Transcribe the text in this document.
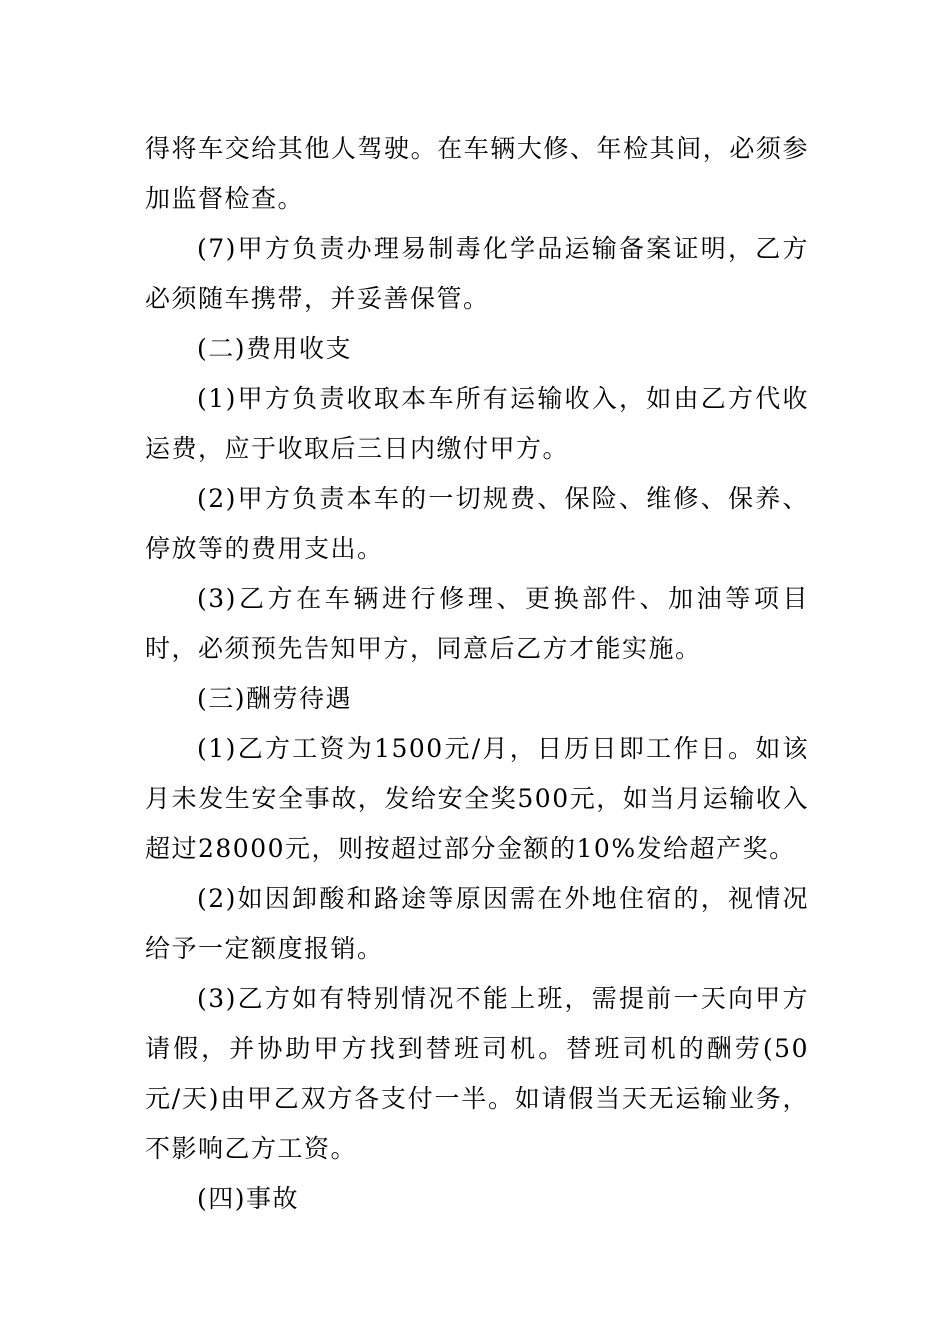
得将车交给其他人驾驶。在车辆大修、年检其间，必须参加监督检查。

(7)甲方负责办理易制毒化学品运输备案证明，乙方必须随车携带，并妥善保管。

(二)费用收支

(1)甲方负责收取本车所有运输收入，如由乙方代收运费，应于收取后三日内缴付甲方。

(2)甲方负责本车的一切规费、保险、维修、保养、停放等的费用支出。

(3)乙方在车辆进行修理、更换部件、加油等项目时，必须预先告知甲方，同意后乙方才能实施。

(三)酬劳待遇

(1)乙方工资为1500元/月，日历日即工作日。如该月未发生安全事故，发给安全奖500元，如当月运输收入超过28000元，则按超过部分金额的10%发给超产奖。

(2)如因卸酸和路途等原因需在外地住宿的，视情况给予一定额度报销。

(3)乙方如有特别情况不能上班，需提前一天向甲方请假，并协助甲方找到替班司机。替班司机的酬劳(50元/天)由甲乙双方各支付一半。如请假当天无运输业务，不影响乙方工资。

(四)事故
